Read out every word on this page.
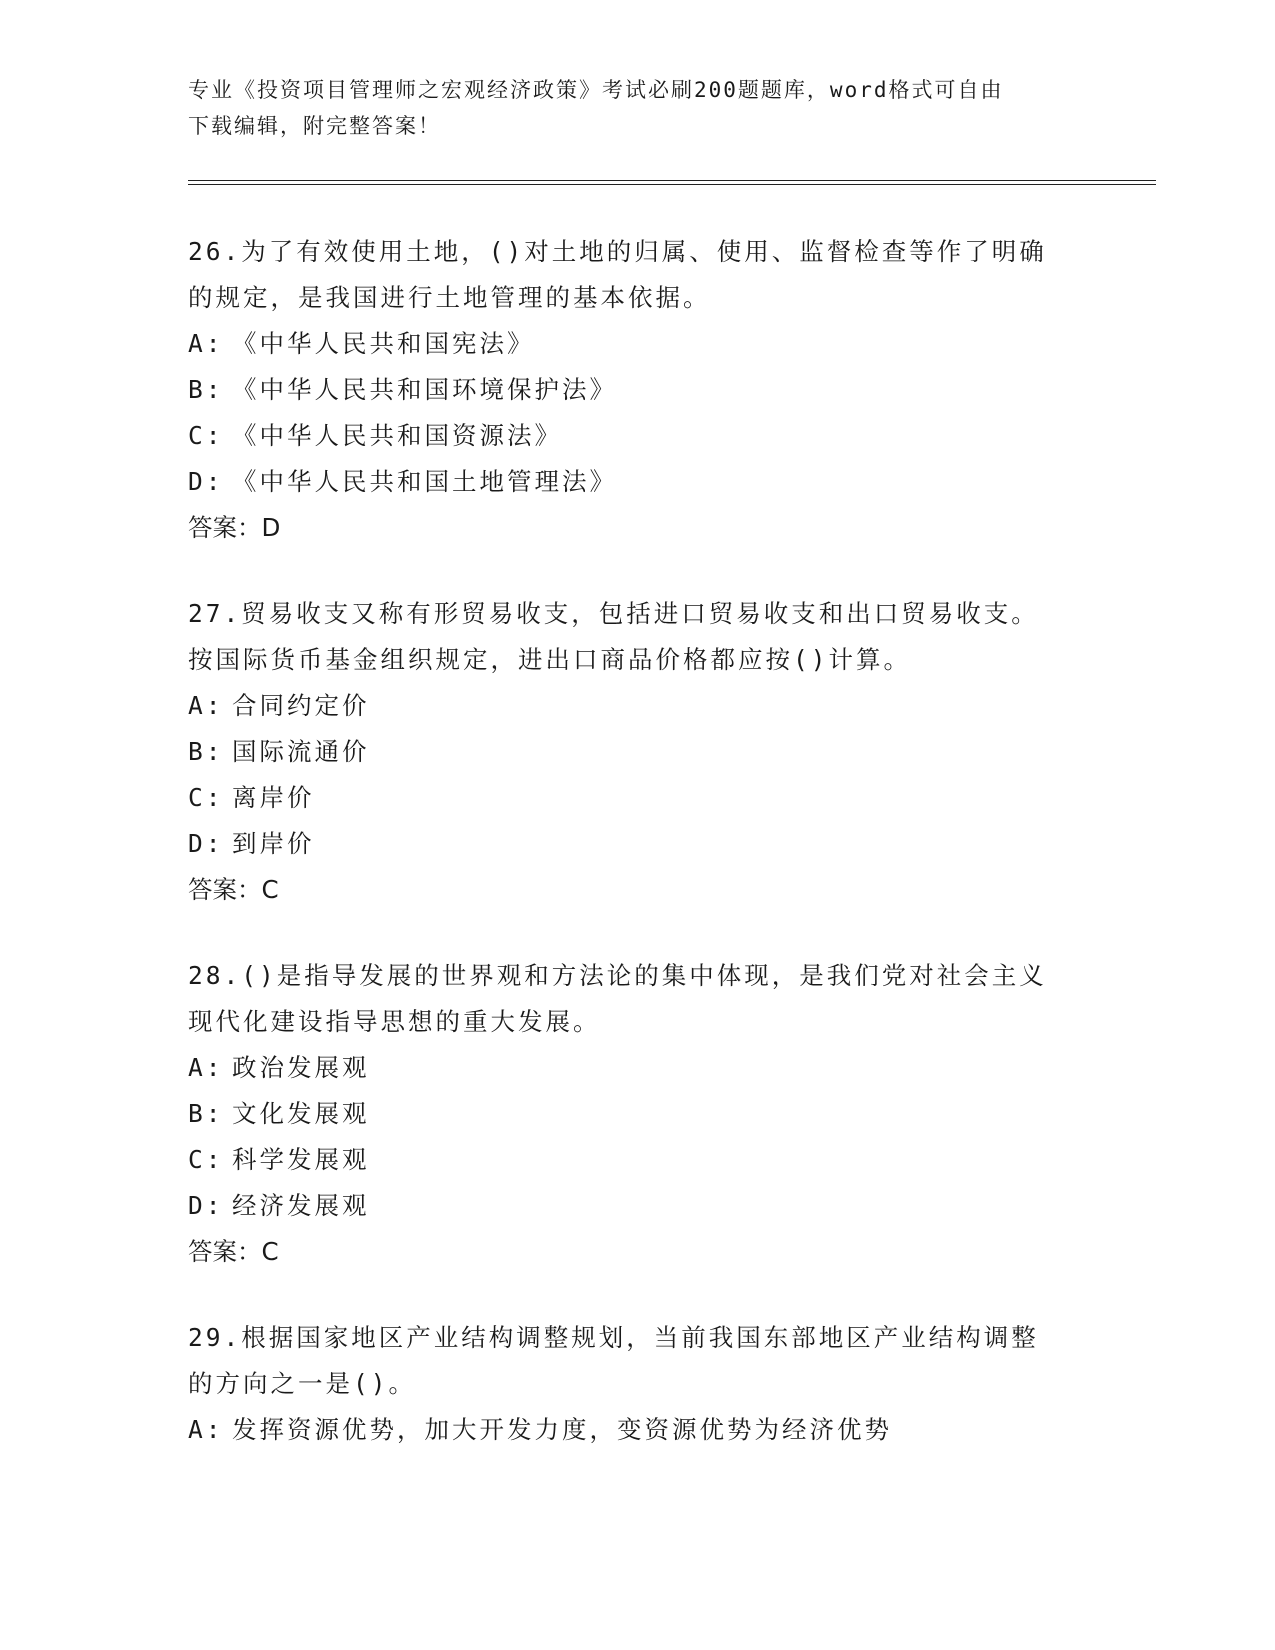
专业《投资项目管理师之宏观经济政策》考试必刷200题题库，word格式可自由
下载编辑，附完整答案！
26.为了有效使用土地，()对土地的归属、使用、监督检查等作了明确
的规定，是我国进行土地管理的基本依据。
A: 《中华人民共和国宪法》
B: 《中华人民共和国环境保护法》
C: 《中华人民共和国资源法》
D: 《中华人民共和国土地管理法》
答案：D
27.贸易收支又称有形贸易收支，包括进口贸易收支和出口贸易收支。
按国际货币基金组织规定，进出口商品价格都应按()计算。
A: 合同约定价
B: 国际流通价
C: 离岸价
D: 到岸价
答案：C
28.()是指导发展的世界观和方法论的集中体现，是我们党对社会主义
现代化建设指导思想的重大发展。
A: 政治发展观
B: 文化发展观
C: 科学发展观
D: 经济发展观
答案：C
29.根据国家地区产业结构调整规划，当前我国东部地区产业结构调整
的方向之一是()。
A: 发挥资源优势，加大开发力度，变资源优势为经济优势
